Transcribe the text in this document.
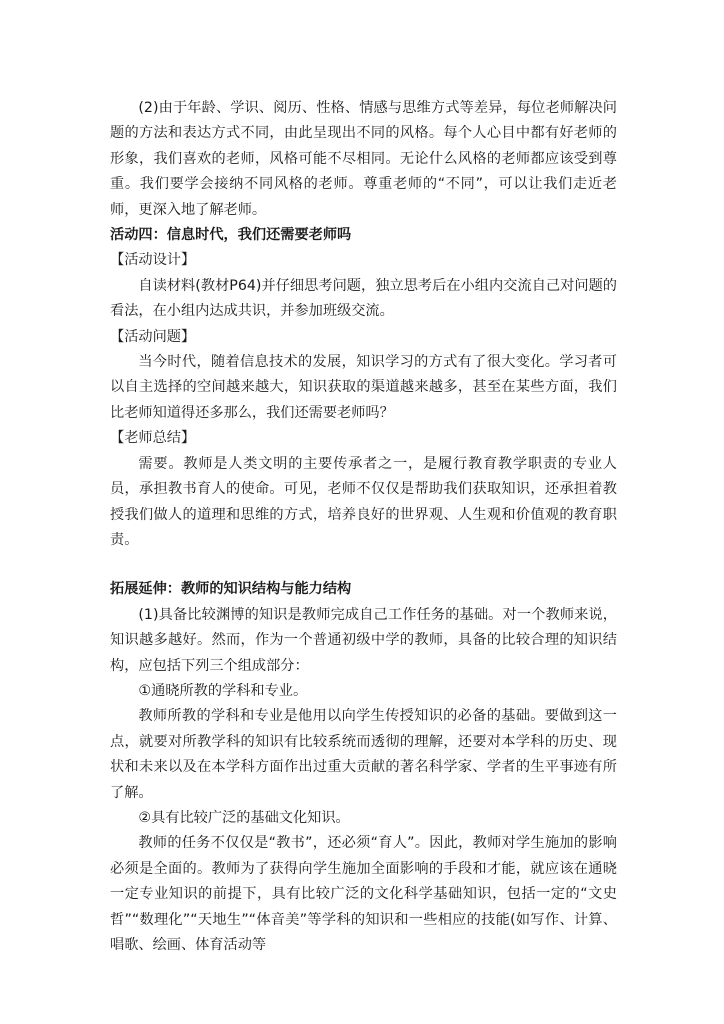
(2)由于年龄、学识、阅历、性格、情感与思维方式等差异，每位老师解决问题的方法和表达方式不同，由此呈现出不同的风格。每个人心目中都有好老师的形象，我们喜欢的老师，风格可能不尽相同。无论什么风格的老师都应该受到尊重。我们要学会接纳不同风格的老师。尊重老师的“不同”，可以让我们走近老师，更深入地了解老师。

活动四：信息时代，我们还需要老师吗

【活动设计】

自读材料(教材P64)并仔细思考问题，独立思考后在小组内交流自己对问题的看法，在小组内达成共识，并参加班级交流。

【活动问题】

当今时代，随着信息技术的发展，知识学习的方式有了很大变化。学习者可以自主选择的空间越来越大，知识获取的渠道越来越多，甚至在某些方面，我们比老师知道得还多那么，我们还需要老师吗？

【老师总结】

需要。教师是人类文明的主要传承者之一，是履行教育教学职责的专业人员，承担教书育人的使命。可见，老师不仅仅是帮助我们获取知识，还承担着教授我们做人的道理和思维的方式，培养良好的世界观、人生观和价值观的教育职责。

拓展延伸：教师的知识结构与能力结构

(1)具备比较渊博的知识是教师完成自己工作任务的基础。对一个教师来说，知识越多越好。然而，作为一个普通初级中学的教师，具备的比较合理的知识结构，应包括下列三个组成部分：

①通晓所教的学科和专业。

教师所教的学科和专业是他用以向学生传授知识的必备的基础。要做到这一点，就要对所教学科的知识有比较系统而透彻的理解，还要对本学科的历史、现状和未来以及在本学科方面作出过重大贡献的著名科学家、学者的生平事迹有所了解。

②具有比较广泛的基础文化知识。

教师的任务不仅仅是“教书”，还必须“育人”。因此，教师对学生施加的影响必须是全面的。教师为了获得向学生施加全面影响的手段和才能，就应该在通晓一定专业知识的前提下，具有比较广泛的文化科学基础知识，包括一定的“文史哲”“数理化”“天地生”“体音美”等学科的知识和一些相应的技能(如写作、计算、唱歌、绘画、体育活动等
